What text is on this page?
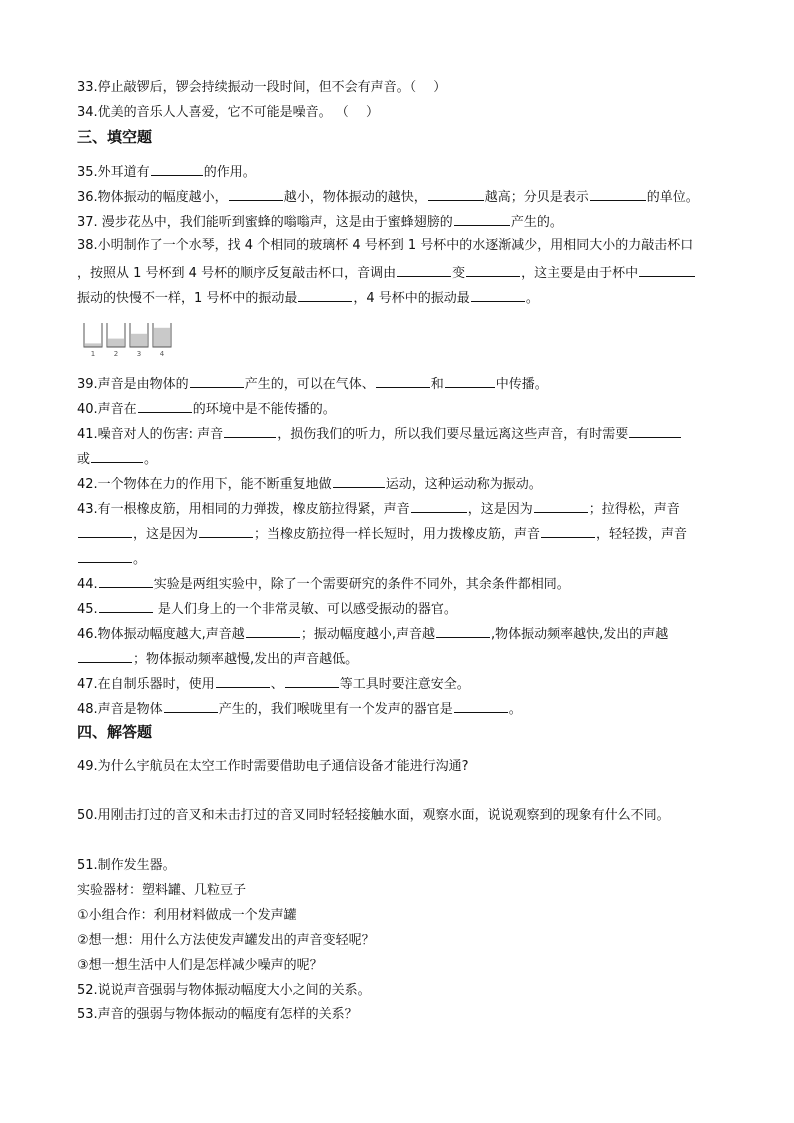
33.停止敲锣后，锣会持续振动一段时间，但不会有声音。（　 ）
34.优美的音乐人人喜爱，它不可能是噪音。 （　 ）
三、填空题
35.外耳道有	的作用。
36.物体振动的幅度越小，	越小，物体振动的越快，	越高；分贝是表示	的单位。
37. 漫步花丛中，我们能听到蜜蜂的嗡嗡声，这是由于蜜蜂翅膀的	产生的。
38.小明制作了一个水琴，找 4 个相同的玻璃杯 4 号杯到 1 号杯中的水逐渐减少，用相同大小的力敲击杯口
，按照从 1 号杯到 4 号杯的顺序反复敲击杯口，音调由	变	，这主要是由于杯中
振动的快慢不一样，1 号杯中的振动最	，4 号杯中的振动最	。
1	2	3	4
39.声音是由物体的	产生的，可以在气体、	和	中传播。
40.声音在	的环境中是不能传播的。
41.噪音对人的伤害: 声音	，损伤我们的听力，所以我们要尽量远离这些声音，有时需要
或	。
42.一个物体在力的作用下，能不断重复地做	运动，这种运动称为振动。
43.有一根橡皮筋，用相同的力弹拨，橡皮筋拉得紧，声音	，这是因为	；拉得松，声音
，这是因为	；当橡皮筋拉得一样长短时，用力拨橡皮筋，声音	，轻轻拨，声音
。
44.	实验是两组实验中，除了一个需要研究的条件不同外，其余条件都相同。
45.	是人们身上的一个非常灵敏、可以感受振动的器官。
46.物体振动幅度越大,声音越	；振动幅度越小,声音越	,物体振动频率越快,发出的声越
；物体振动频率越慢,发出的声音越低。
47.在自制乐器时，使用	、	等工具时要注意安全。
48.声音是物体	产生的，我们喉咙里有一个发声的器官是	。
四、解答题
49.为什么宇航员在太空工作时需要借助电子通信设备才能进行沟通?
50.用刚击打过的音叉和未击打过的音叉同时轻轻接触水面，观察水面，说说观察到的现象有什么不同。
51.制作发生器。
实验器材：塑料罐、几粒豆子
①小组合作：利用材料做成一个发声罐
②想一想：用什么方法使发声罐发出的声音变轻呢？
③想一想生活中人们是怎样减少噪声的呢？
52.说说声音强弱与物体振动幅度大小之间的关系。
53.声音的强弱与物体振动的幅度有怎样的关系？
